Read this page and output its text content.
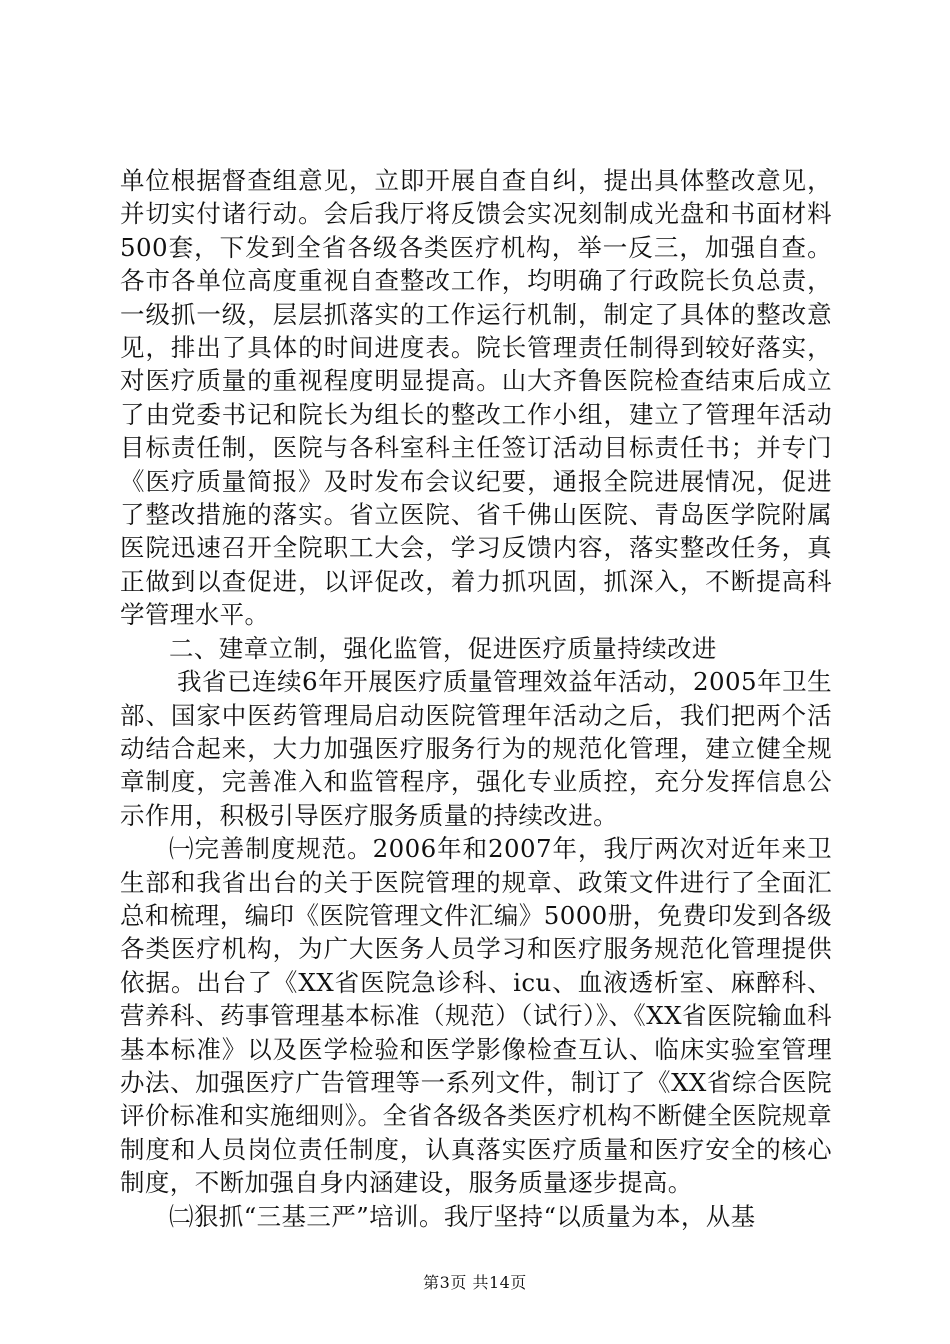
单位根据督查组意见，立即开展自查自纠，提出具体整改意见，并切实付诸行动。会后我厅将反馈会实况刻制成光盘和书面材料500套，下发到全省各级各类医疗机构，举一反三，加强自查。各市各单位高度重视自查整改工作，均明确了行政院长负总责，一级抓一级，层层抓落实的工作运行机制，制定了具体的整改意见，排出了具体的时间进度表。院长管理责任制得到较好落实，对医疗质量的重视程度明显提高。山大齐鲁医院检查结束后成立了由党委书记和院长为组长的整改工作小组，建立了管理年活动目标责任制，医院与各科室科主任签订活动目标责任书；并专门《医疗质量简报》及时发布会议纪要，通报全院进展情况，促进了整改措施的落实。省立医院、省千佛山医院、青岛医学院附属医院迅速召开全院职工大会，学习反馈内容，落实整改任务，真正做到以查促进，以评促改，着力抓巩固，抓深入，不断提高科学管理水平。

二、建章立制，强化监管，促进医疗质量持续改进

我省已连续6年开展医疗质量管理效益年活动，2005年卫生部、国家中医药管理局启动医院管理年活动之后，我们把两个活动结合起来，大力加强医疗服务行为的规范化管理，建立健全规章制度，完善准入和监管程序，强化专业质控，充分发挥信息公示作用，积极引导医疗服务质量的持续改进。

㈠完善制度规范。2006年和2007年，我厅两次对近年来卫生部和我省出台的关于医院管理的规章、政策文件进行了全面汇总和梳理，编印《医院管理文件汇编》5000册，免费印发到各级各类医疗机构，为广大医务人员学习和医疗服务规范化管理提供依据。出台了《XX省医院急诊科、icu、血液透析室、麻醉科、营养科、药事管理基本标准（规范）（试行）》、《XX省医院输血科基本标准》以及医学检验和医学影像检查互认、临床实验室管理办法、加强医疗广告管理等一系列文件，制订了《XX省综合医院评价标准和实施细则》。全省各级各类医疗机构不断健全医院规章制度和人员岗位责任制度，认真落实医疗质量和医疗安全的核心制度，不断加强自身内涵建设，服务质量逐步提高。

㈡狠抓“三基三严”培训。我厅坚持“以质量为本，从基

第3页 共14页
